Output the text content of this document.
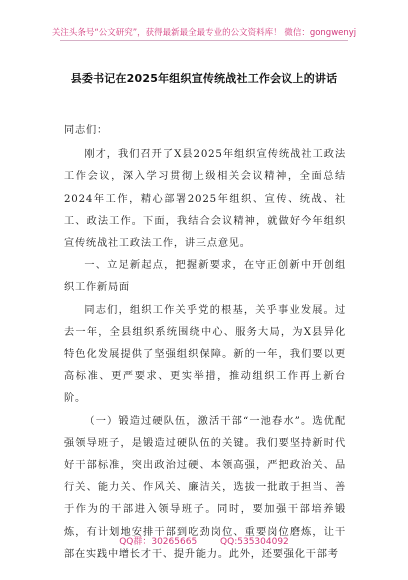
关注头条号“公文研究”，获得最新最全最专业的公文资料库！ 微信：gongwenyj
县委书记在2025年组织宣传统战社工作会议上的讲话

同志们：

刚才，我们召开了X县2025年组织宣传统战社工政法工作会议，深入学习贯彻上级相关会议精神，全面总结2024年工作，精心部署2025年组织、宣传、统战、社工、政法工作。下面，我结合会议精神，就做好今年组织宣传统战社工政法工作，讲三点意见。

一、立足新起点，把握新要求，在守正创新中开创组织工作新局面

同志们，组织工作关乎党的根基，关乎事业发展。过去一年，全县组织系统围绕中心、服务大局，为X县异化特色化发展提供了坚强组织保障。新的一年，我们要以更高标准、更严要求、更实举措，推动组织工作再上新台阶。

（一）锻造过硬队伍，激活干部“一池春水”。选优配强领导班子，是锻造过硬队伍的关键。我们要坚持新时代好干部标准，突出政治过硬、本领高强，严把政治关、品行关、能力关、作风关、廉洁关，选拔一批敢于担当、善于作为的干部进入领导班子。同时，要加强干部培养锻炼，有计划地安排干部到吃劲岗位、重要岗位磨炼，让干部在实践中增长才干、提升能力。此外，还要强化干部考

QQ群：30265665	QQ:535304092
